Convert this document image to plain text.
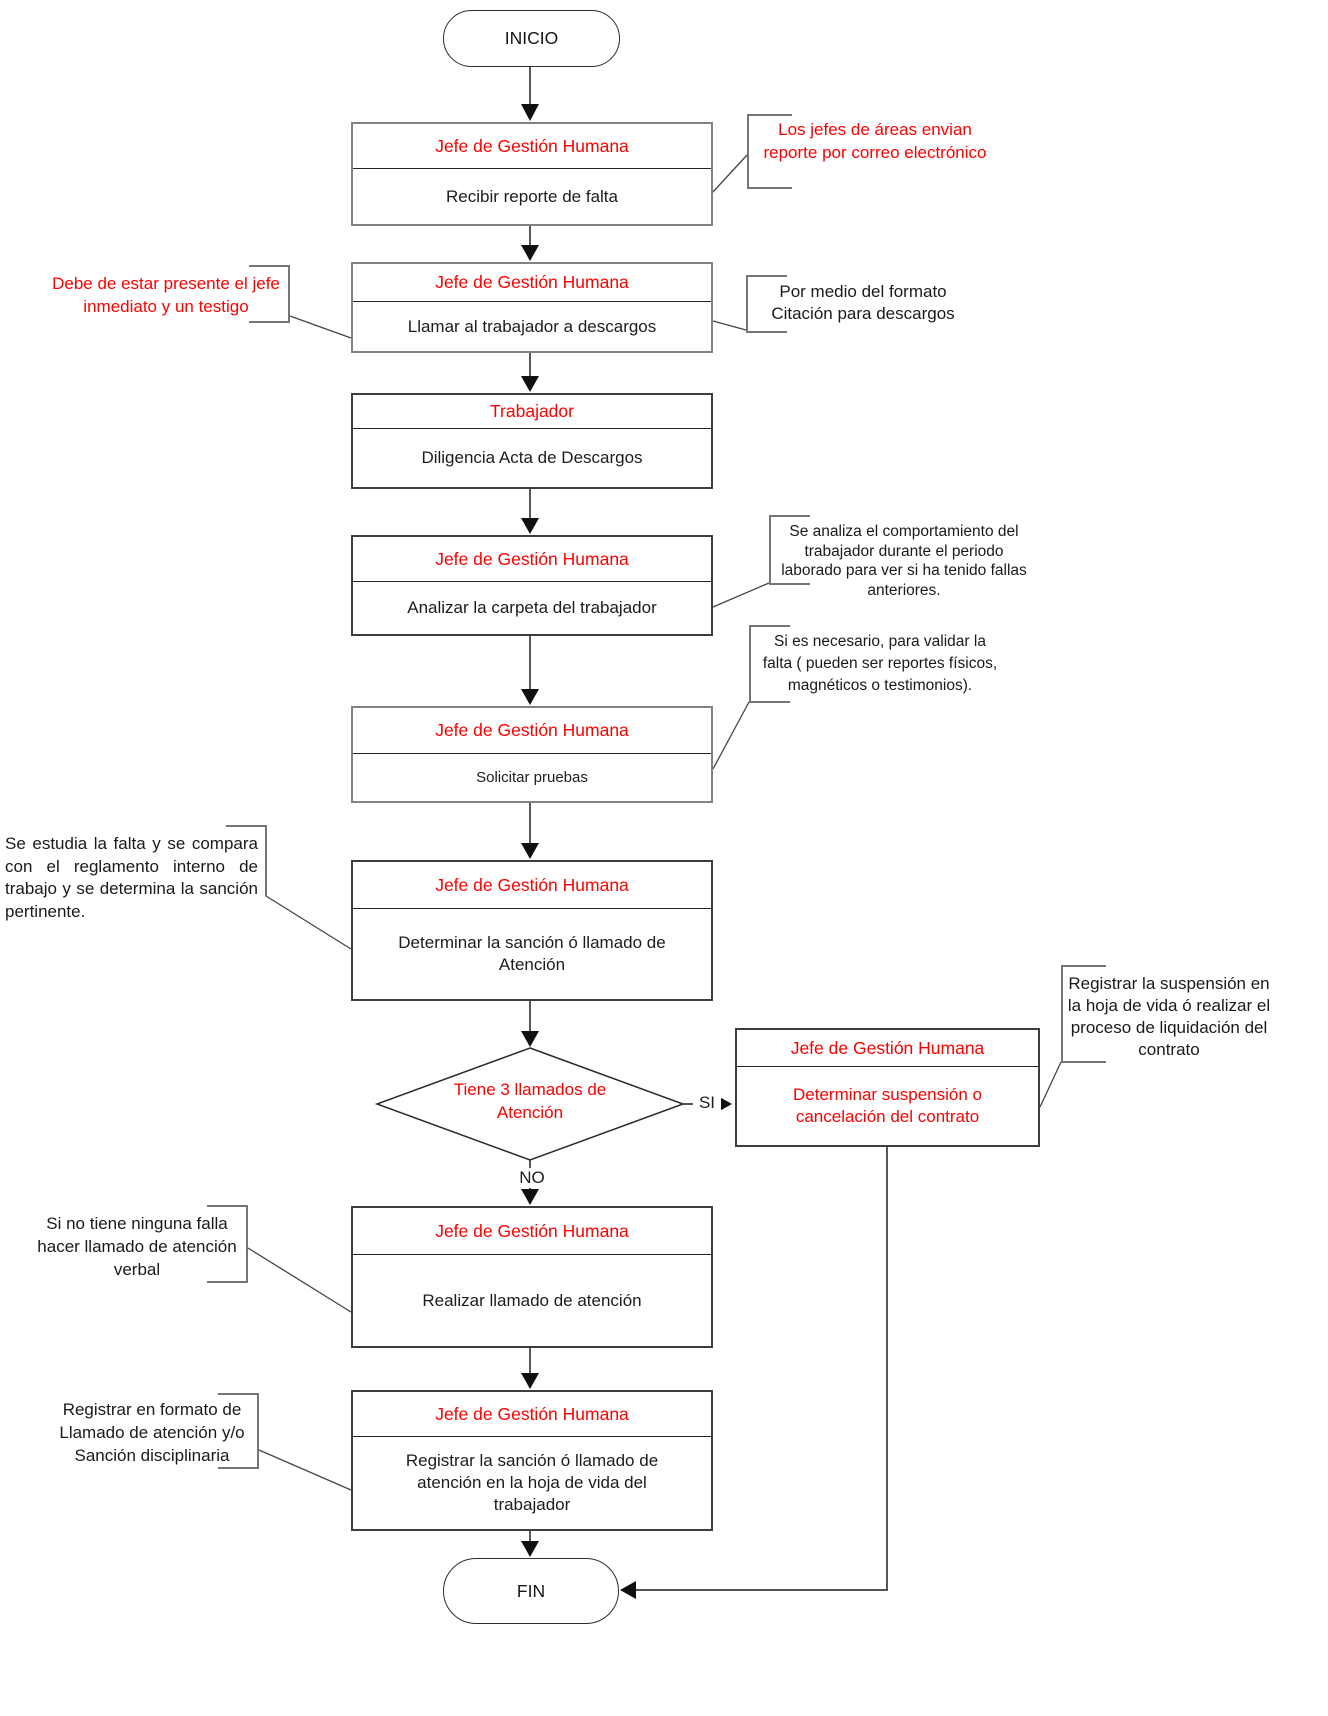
INICIO
FIN
Jefe de Gestión Humana
Recibir reporte de falta
Jefe de Gestión Humana
Llamar al trabajador a descargos
Trabajador
Diligencia Acta de Descargos
Jefe de Gestión Humana
Analizar la carpeta del trabajador
Jefe de Gestión Humana
Solicitar pruebas
Jefe de Gestión Humana
Determinar la sanción ó llamado de Atención
Jefe de Gestión Humana
Determinar suspensión o cancelación del contrato
Jefe de Gestión Humana
Realizar llamado de atención
Jefe de Gestión Humana
Registrar la sanción ó llamado de atención en la hoja de vida del trabajador
Tiene 3 llamados de Atención
SI
NO
Los jefes de áreas envian reporte por correo electrónico
Debe de estar presente el jefe inmediato y un testigo
Por medio del formato Citación para descargos
Se analiza el comportamiento del trabajador durante el periodo laborado para ver si ha tenido fallas anteriores.
Si es necesario, para validar la falta ( pueden ser reportes físicos, magnéticos o testimonios).
Se estudia la falta y se compara con el reglamento interno de trabajo y se determina la sanción pertinente.
Registrar la suspensión en la hoja de vida ó realizar el proceso de liquidación del contrato
Si no tiene ninguna falla hacer llamado de atención verbal
Registrar en formato de Llamado de atención y/o Sanción disciplinaria
